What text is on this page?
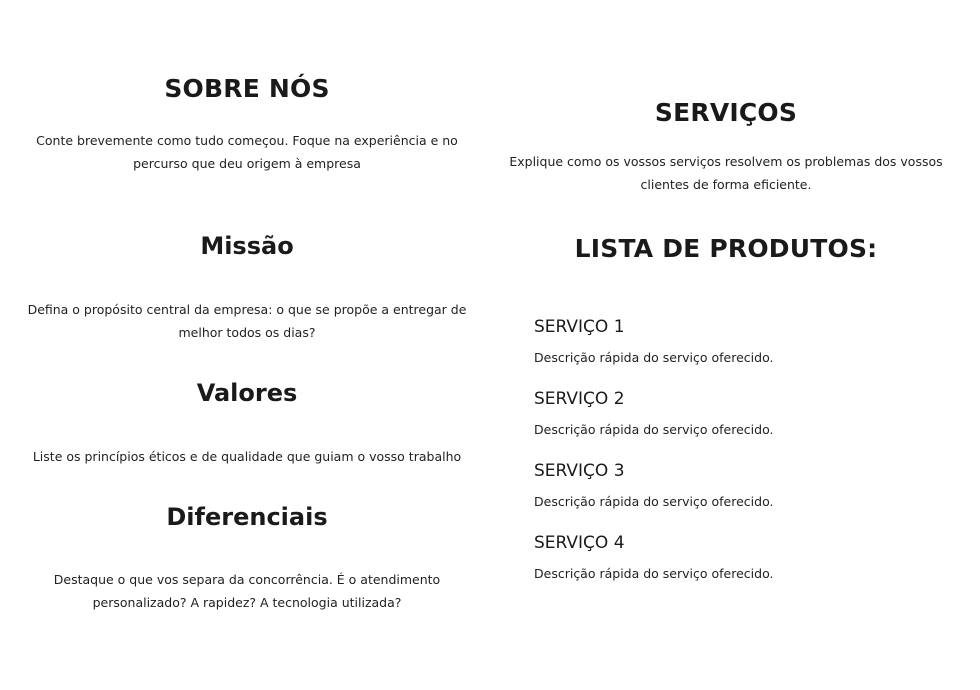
SOBRE NÓS

Conte brevemente como tudo começou. Foque na experiência e no percurso que deu origem à empresa

Missão

Defina o propósito central da empresa: o que se propõe a entregar de melhor todos os dias?

Valores

Liste os princípios éticos e de qualidade que guiam o vosso trabalho

Diferenciais

Destaque o que vos separa da concorrência. É o atendimento personalizado? A rapidez? A tecnologia utilizada?

SERVIÇOS

Explique como os vossos serviços resolvem os problemas dos vossos clientes de forma eficiente.

LISTA DE PRODUTOS:

SERVIÇO 1

Descrição rápida do serviço oferecido.

SERVIÇO 2

Descrição rápida do serviço oferecido.

SERVIÇO 3

Descrição rápida do serviço oferecido.

SERVIÇO 4

Descrição rápida do serviço oferecido.
